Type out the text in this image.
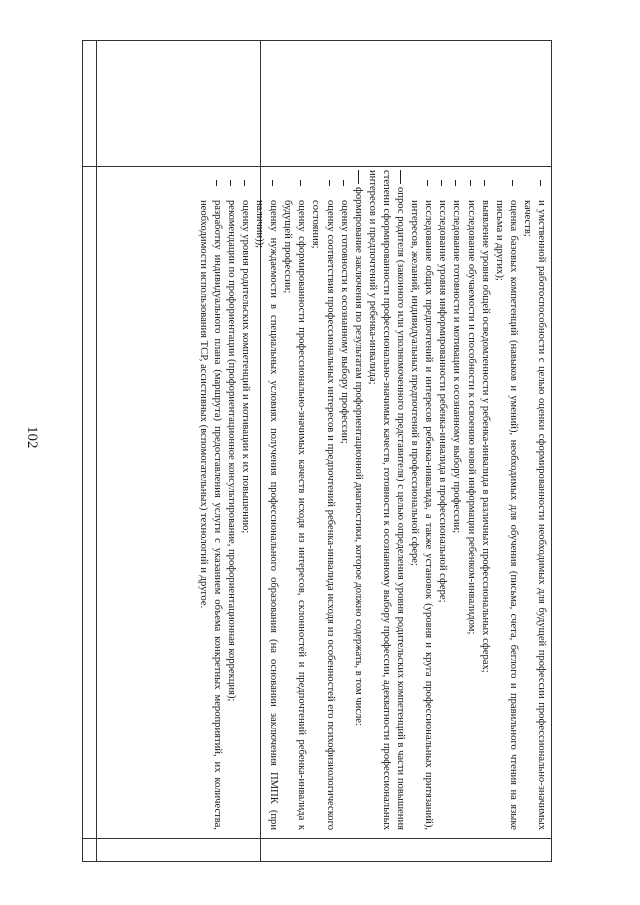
102	и умственной работоспособности с целью оценки сформированности необходимых для будущей профессии профессионально-значимых качеств;

оценка базовых компетенций (навыков и умений), необходимых для обучения (письма, счета, беглого и правильного чтения на языке письма и других);

выявление уровня общей осведомленности у ребенка-инвалида в различных профессиональных сферах;

исследование обучаемости и способности к освоению новой информации ребенком-инвалидом;

исследование готовности и мотивации к осознанному выбору профессии;

исследование уровня информированности ребенка-инвалида в профессиональной сфере;

исследование общих предпочтений и интересов ребенка-инвалида, а также установок (уровня и круга профессиональных притязаний), интересов, желаний, индивидуальных предпочтений в профессиональной сфере;

опрос родителя (законного или уполномоченного представителя) с целью определения уровня родительских компетенций в части повышения степени сформированности профессионально-значимых качеств, готовности к осознанному выбору профессии, адекватности профессиональных интересов и предпочтений у ребенка-инвалида;

формирование заключения по результатам профориентационной диагностики, которое должно содержать, в том числе:

оценку готовности к осознанному выбору профессии;

оценку соответствия профессиональных интересов и предпочтений ребенка-инвалида исходя из особенностей его психофизиологического состояния;

оценку сформированности профессионально-значимых качеств исходя из интересов, склонностей и предпочтений ребенка-инвалида к будущей профессии;

оценку нуждаемости в специальных условиях получения профессионального образования (на основании заключения ПМПК (при наличии));

оценку уровня родительских компетенций и мотивации к их повышению;

рекомендации по профориентации (профориентационное консультирование, профориентационная коррекция);

разработку индивидуального плана (маршрута) предоставления услуги с указанием объема конкретных мероприятий, их количества, необходимости использования ТСР, ассистивных (вспомогательных) технологий и другое.
